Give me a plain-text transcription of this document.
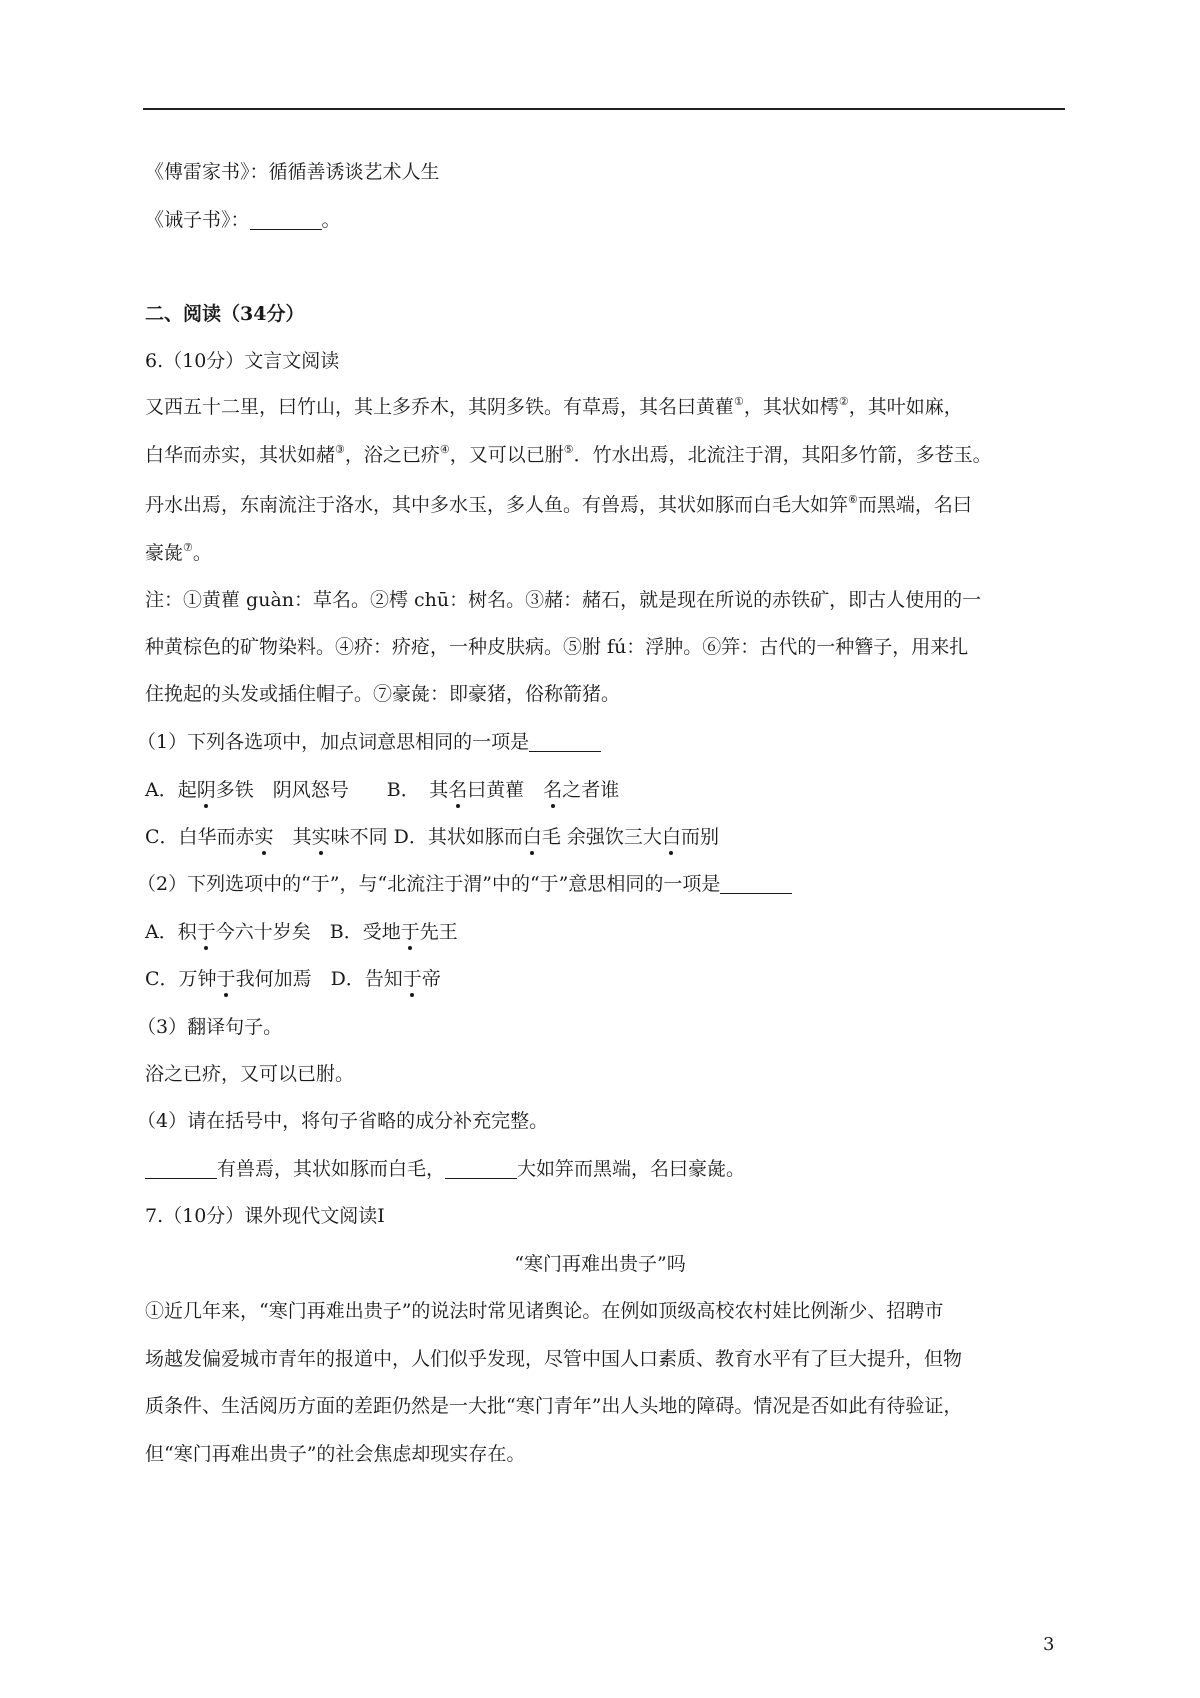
《傅雷家书》：循循善诱谈艺术人生
《诫子书》：	。
二、阅读（34分）
6.（10分）文言文阅读
又西五十二里，曰竹山，其上多乔木，其阴多铁。有草焉，其名曰黄雚①，其状如樗②，其叶如麻，
白华而赤实，其状如赭③，浴之已疥④，又可以已胕⑤．竹水出焉，北流注于渭，其阳多竹箭，多苍玉。
丹水出焉，东南流注于洛水，其中多水玉，多人鱼。有兽焉，其状如豚而白毛大如笄⑥而黑端，名曰
豪彘⑦。
注：①黄雚 guàn：草名。②樗 chū：树名。③赭：赭石，就是现在所说的赤铁矿，即古人使用的一
种黄棕色的矿物染料。④疥：疥疮，一种皮肤病。⑤胕 fú：浮肿。⑥笄：古代的一种簪子，用来扎
住挽起的头发或插住帽子。⑦豪彘：即豪猪，俗称箭猪。
（1）下列各选项中，加点词意思相同的一项是
A．起阴多铁　阴风怒号　　B．　其名曰黄雚　名之者谁
C．白华而赤实　其实味不同 D．其状如豚而白毛 余强饮三大白而别
（2）下列选项中的“于”，与“北流注于渭”中的“于”意思相同的一项是
A．积于今六十岁矣　B．受地于先王
C．万钟于我何加焉　D．告知于帝
（3）翻译句子。
浴之已疥，又可以已胕。
（4）请在括号中，将句子省略的成分补充完整。
有兽焉，其状如豚而白毛，	大如笄而黑端，名曰豪彘。
7.（10分）课外现代文阅读Ⅰ
“寒门再难出贵子”吗
①近几年来，“寒门再难出贵子”的说法时常见诸舆论。在例如顶级高校农村娃比例渐少、招聘市
场越发偏爱城市青年的报道中，人们似乎发现，尽管中国人口素质、教育水平有了巨大提升，但物
质条件、生活阅历方面的差距仍然是一大批“寒门青年”出人头地的障碍。情况是否如此有待验证，
但“寒门再难出贵子”的社会焦虑却现实存在。
3
